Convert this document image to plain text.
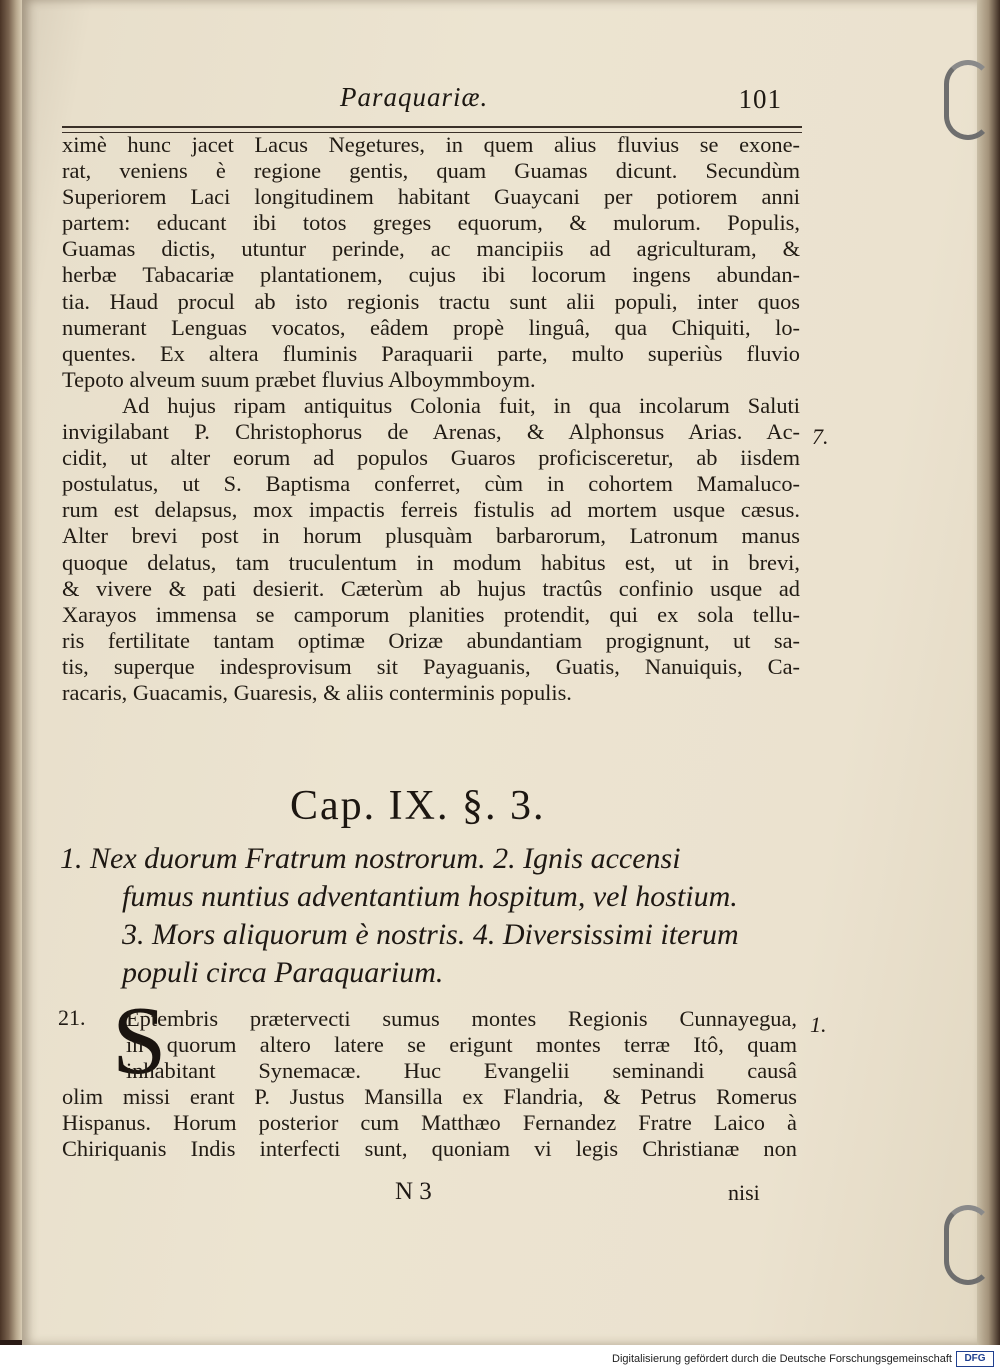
Paraquariæ.	101
ximè hunc jacet Lacus Negetures, in quem alius fluvius se exone-
rat, veniens è regione gentis, quam Guamas dicunt. Secundùm
Superiorem Laci longitudinem habitant Guaycani per potiorem anni
partem: educant ibi totos greges equorum, & mulorum. Populis,
Guamas dictis, utuntur perinde, ac mancipiis ad agriculturam, &
herbæ Tabacariæ plantationem, cujus ibi locorum ingens abundan-
tia. Haud procul ab isto regionis tractu sunt alii populi, inter quos
numerant Lenguas vocatos, eâdem propè linguâ, qua Chiquiti, lo-
quentes. Ex altera fluminis Paraquarii parte, multo superiùs fluvio
Tepoto alveum suum præbet fluvius Alboymmboym.
Ad hujus ripam antiquitus Colonia fuit, in qua incolarum Saluti
invigilabant P. Christophorus de Arenas, & Alphonsus Arias. Ac-
cidit, ut alter eorum ad populos Guaros proficisceretur, ab iisdem
postulatus, ut S. Baptisma conferret, cùm in cohortem Mamaluco-
rum est delapsus, mox impactis ferreis fistulis ad mortem usque cæsus.
Alter brevi post in horum plusquàm barbarorum, Latronum manus
quoque delatus, tam truculentum in modum habitus est, ut in brevi,
& vivere & pati desierit. Cæterùm ab hujus tractûs confinio usque ad
Xarayos immensa se camporum planities protendit, qui ex sola tellu-
ris fertilitate tantam optimæ Orizæ abundantiam progignunt, ut sa-
tis, superque indesprovisum sit Payaguanis, Guatis, Nanuiquis, Ca-
racaris, Guacamis, Guaresis, & aliis conterminis populis.
7.
1.
Cap. IX. §. 3.
1. Nex duorum Fratrum nostrorum. 2. Ignis accensi
fumus nuntius adventantium hospitum, vel hostium.
3. Mors aliquorum è nostris. 4. Diversissimi iterum
populi circa Paraquarium.
21. S
Eptembris prætervecti sumus montes Regionis Cunnayegua,
in quorum altero latere se erigunt montes terræ Itô, quam
inhabitant Synemacæ. Huc Evangelii seminandi causâ
olim missi erant P. Justus Mansilla ex Flandria, & Petrus Romerus
Hispanus. Horum posterior cum Matthæo Fernandez Fratre Laico à
Chiriquanis Indis interfecti sunt, quoniam vi legis Christianæ non
N 3	nisi
Digitalisierung gefördert durch die Deutsche Forschungsgemeinschaft	DFG
